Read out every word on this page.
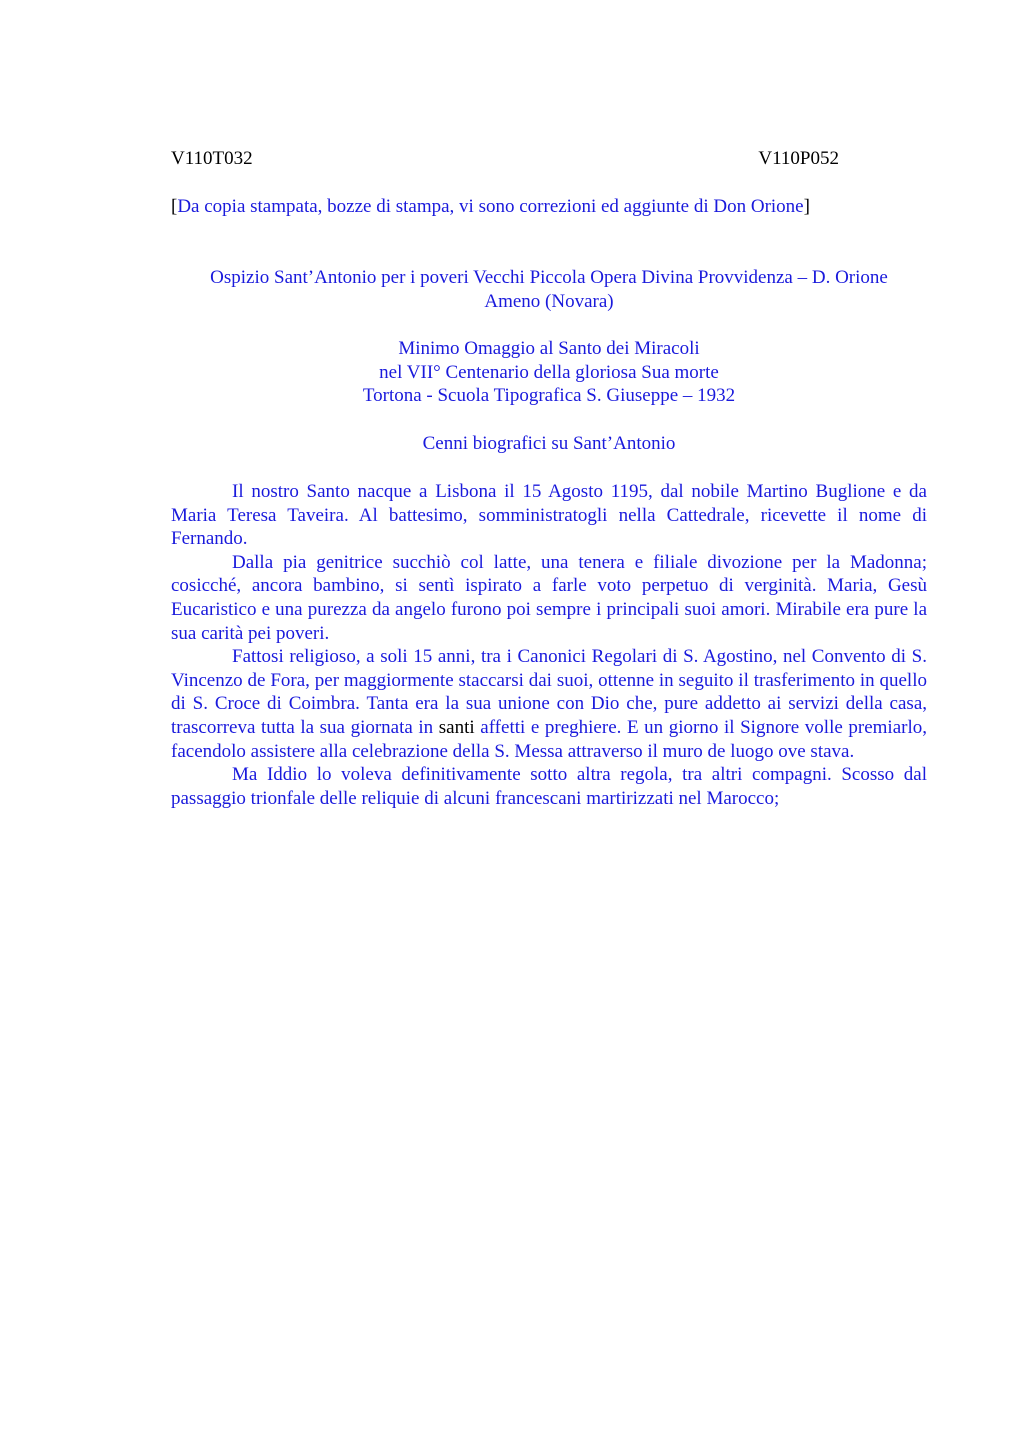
V110T032	V110P052
[Da copia stampata, bozze di stampa, vi sono correzioni ed aggiunte di Don Orione]
Ospizio Sant’Antonio per i poveri Vecchi Piccola Opera Divina Provvidenza – D. Orione
Ameno (Novara)
Minimo Omaggio al Santo dei Miracoli
nel VII° Centenario della gloriosa Sua morte
Tortona - Scuola Tipografica S. Giuseppe – 1932
Cenni biografici su Sant’Antonio

Il nostro Santo nacque a Lisbona il 15 Agosto 1195, dal nobile Martino Buglione e da Maria Teresa Taveira. Al battesimo, somministratogli nella Cattedrale, ricevette il nome di Fernando.

Dalla pia genitrice succhiò col latte, una tenera e filiale divozione per la Madonna; cosicché, ancora bambino, si sentì ispirato a farle voto perpetuo di verginità. Maria, Gesù Eucaristico e una purezza da angelo furono poi sempre i principali suoi amori. Mirabile era pure la sua carità pei poveri.

Fattosi religioso, a soli 15 anni, tra i Canonici Regolari di S. Agostino, nel Convento di S. Vincenzo de Fora, per maggiormente staccarsi dai suoi, ottenne in seguito il trasferimento in quello di S. Croce di Coimbra. Tanta era la sua unione con Dio che, pure addetto ai servizi della casa, trascorreva tutta la sua giornata in santi affetti e preghiere. E un giorno il Signore volle premiarlo, facendolo assistere alla celebrazione della S. Messa attraverso il muro de luogo ove stava.

Ma Iddio lo voleva definitivamente sotto altra regola, tra altri compagni. Scosso dal passaggio trionfale delle reliquie di alcuni francescani martirizzati nel Marocco;
